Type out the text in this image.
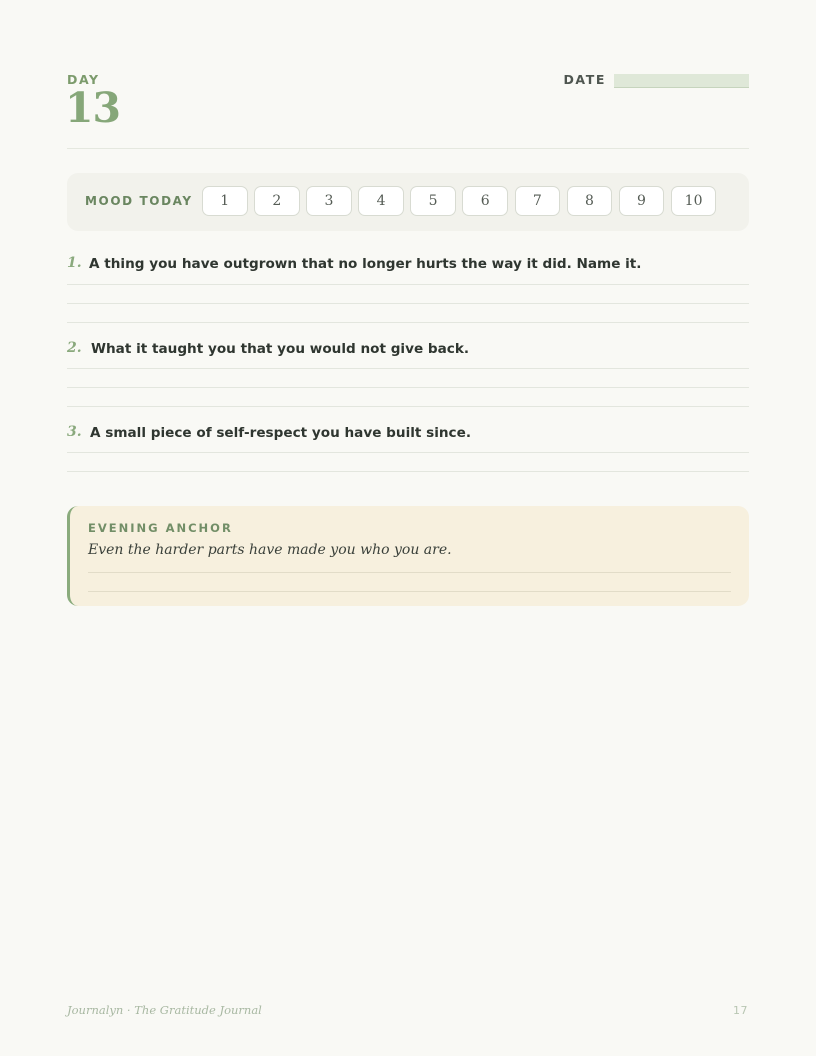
DAY
13
DATE
MOOD TODAY	1	2	3	4	5	6	7	8	9	10
1. A thing you have outgrown that no longer hurts the way it did. Name it.
2. What it taught you that you would not give back.
3. A small piece of self-respect you have built since.
EVENING ANCHOR
Even the harder parts have made you who you are.
Journalyn · The Gratitude Journal	17
